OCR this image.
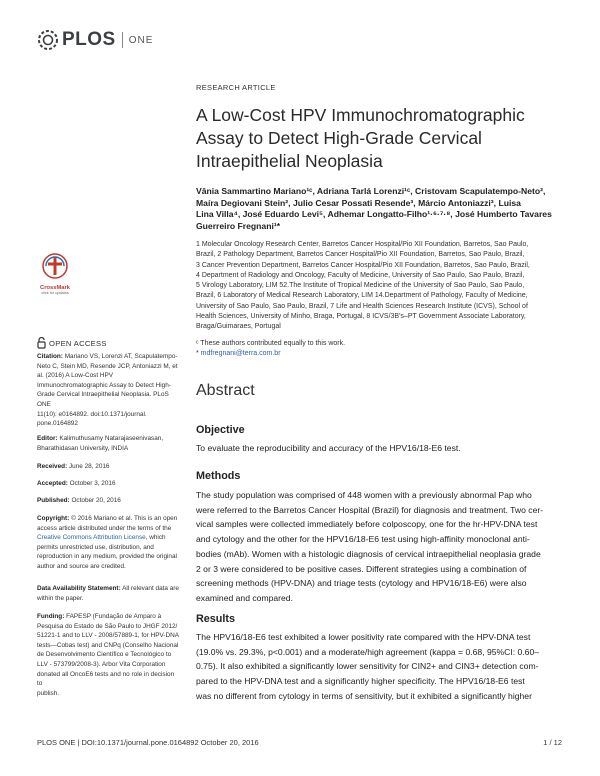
PLOS ONE
RESEARCH ARTICLE
A Low-Cost HPV Immunochromatographic
Assay to Detect High-Grade Cervical
Intraepithelial Neoplasia
Vânia Sammartino Mariano¹ᶜ, Adriana Tarlá Lorenzi¹ᶜ, Cristovam Scapulatempo-Neto²,
Maíra Degiovani Stein², Julio Cesar Possati Resende³, Márcio Antoniazzi³, Luisa
Lina Villa⁴, José Eduardo Levi⁵, Adhemar Longatto-Filho¹·⁶·⁷·⁸, José Humberto Tavares
Guerreiro Fregnani¹*
1 Molecular Oncology Research Center, Barretos Cancer Hospital/Pio XII Foundation, Barretos, Sao Paulo,
Brazil, 2 Pathology Department, Barretos Cancer Hospital/Pio XII Foundation, Barretos, Sao Paulo, Brazil,
3 Cancer Prevention Department, Barretos Cancer Hospital/Pio XII Foundation, Barretos, Sao Paulo, Brazil,
4 Department of Radiology and Oncology, Faculty of Medicine, University of Sao Paulo, Sao Paulo, Brazil,
5 Virology Laboratory, LIM 52.The Institute of Tropical Medicine of the University of Sao Paulo, Sao Paulo,
Brazil, 6 Laboratory of Medical Research Laboratory, LIM 14.Department of Pathology, Faculty of Medicine,
University of Sao Paulo, Sao Paulo, Brazil, 7 Life and Health Sciences Research Institute (ICVS), School of
Health Sciences, University of Minho, Braga, Portugal, 8 ICVS/3B's–PT Government Associate Laboratory,
Braga/Guimaraes, Portugal
ᶜ These authors contributed equally to this work.
* mdfregnani@terra.com.br
Abstract
Objective
To evaluate the reproducibility and accuracy of the HPV16/18-E6 test.
Methods
The study population was comprised of 448 women with a previously abnormal Pap who
were referred to the Barretos Cancer Hospital (Brazil) for diagnosis and treatment. Two cer-
vical samples were collected immediately before colposcopy, one for the hr-HPV-DNA test
and cytology and the other for the HPV16/18-E6 test using high-affinity monoclonal anti-
bodies (mAb). Women with a histologic diagnosis of cervical intraepithelial neoplasia grade
2 or 3 were considered to be positive cases. Different strategies using a combination of
screening methods (HPV-DNA) and triage tests (cytology and HPV16/18-E6) were also
examined and compared.
Results
The HPV16/18-E6 test exhibited a lower positivity rate compared with the HPV-DNA test
(19.0% vs. 29.3%, p<0.001) and a moderate/high agreement (kappa = 0.68, 95%CI: 0.60–
0.75). It also exhibited a significantly lower sensitivity for CIN2+ and CIN3+ detection com-
pared to the HPV-DNA test and a significantly higher specificity. The HPV16/18-E6 test
was no different from cytology in terms of sensitivity, but it exhibited a significantly higher
CrossMark
click for updates
OPEN ACCESS
Citation: Mariano VS, Lorenzi AT, Scapulatempo-
Neto C, Stein MD, Resende JCP, Antoniazzi M, et
al. (2016) A Low-Cost HPV
Immunochromatographic Assay to Detect High-
Grade Cervical Intraepithelial Neoplasia. PLoS ONE
11(10): e0164892. doi:10.1371/journal.
pone.0164892
Editor: Kalimuthusamy Natarajaseenivasan,
Bharathidasan University, INDIA
Received: June 28, 2016
Accepted: October 3, 2016
Published: October 20, 2016
Copyright: © 2016 Mariano et al. This is an open
access article distributed under the terms of the
Creative Commons Attribution License, which
permits unrestricted use, distribution, and
reproduction in any medium, provided the original
author and source are credited.
Data Availability Statement: All relevant data are
within the paper.
Funding: FAPESP (Fundação de Amparo à
Pesquisa do Estado de São Paulo to JHGF 2012/
51221-1 and to LLV - 2008/57889-1, for HPV-DNA
tests—Cobas test) and CNPq (Conselho Nacional
de Desenvolvimento Científico e Tecnológico to
LLV - 573799/2008-3). Arbor Vita Corporation
donated all OncoE6 tests and no role in decision to
publish.
PLOS ONE | DOI:10.1371/journal.pone.0164892 October 20, 2016	1 / 12
